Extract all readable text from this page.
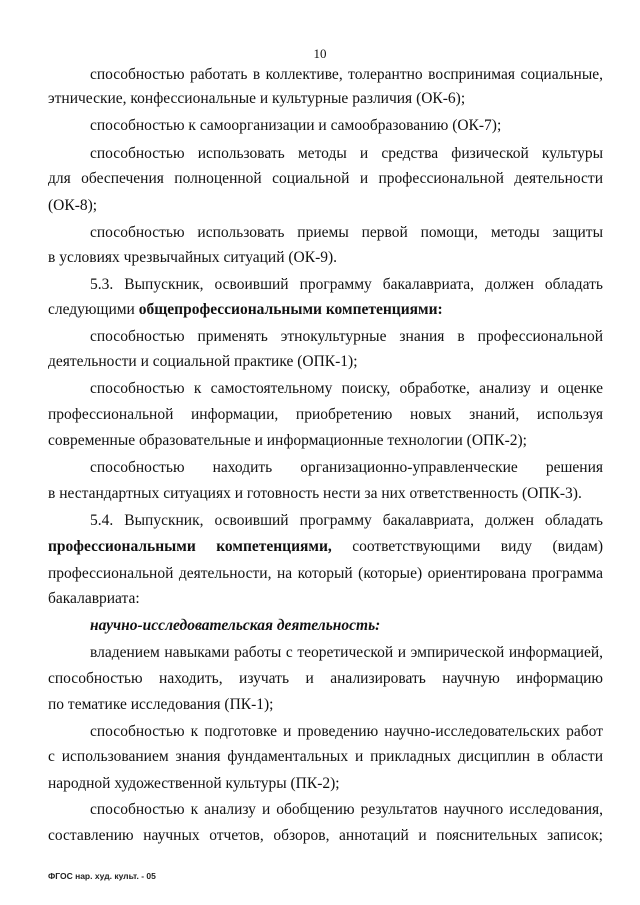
10
способностью работать в коллективе, толерантно воспринимая социальные,
этнические, конфессиональные и культурные различия (ОК-6);
способностью к самоорганизации и самообразованию (ОК-7);
способностью использовать методы и средства физической культуры
для обеспечения полноценной социальной и профессиональной деятельности
(ОК-8);
способностью использовать приемы первой помощи, методы защиты
в условиях чрезвычайных ситуаций (ОК-9).
5.3. Выпускник, освоивший программу бакалавриата, должен обладать
следующими общепрофессиональными компетенциями:
способностью применять этнокультурные знания в профессиональной
деятельности и социальной практике (ОПК-1);
способностью к самостоятельному поиску, обработке, анализу и оценке
профессиональной информации, приобретению новых знаний, используя
современные образовательные и информационные технологии (ОПК-2);
способностью находить организационно-управленческие решения
в нестандартных ситуациях и готовность нести за них ответственность (ОПК-3).
5.4. Выпускник, освоивший программу бакалавриата, должен обладать
профессиональными компетенциями, соответствующими виду (видам)
профессиональной деятельности, на который (которые) ориентирована программа
бакалавриата:
научно-исследовательская деятельность:
владением навыками работы с теоретической и эмпирической информацией,
способностью находить, изучать и анализировать научную информацию
по тематике исследования (ПК-1);
способностью к подготовке и проведению научно-исследовательских работ
с использованием знания фундаментальных и прикладных дисциплин в области
народной художественной культуры (ПК-2);
способностью к анализу и обобщению результатов научного исследования,
составлению научных отчетов, обзоров, аннотаций и пояснительных записок;
ФГОС нар. худ. культ. - 05
